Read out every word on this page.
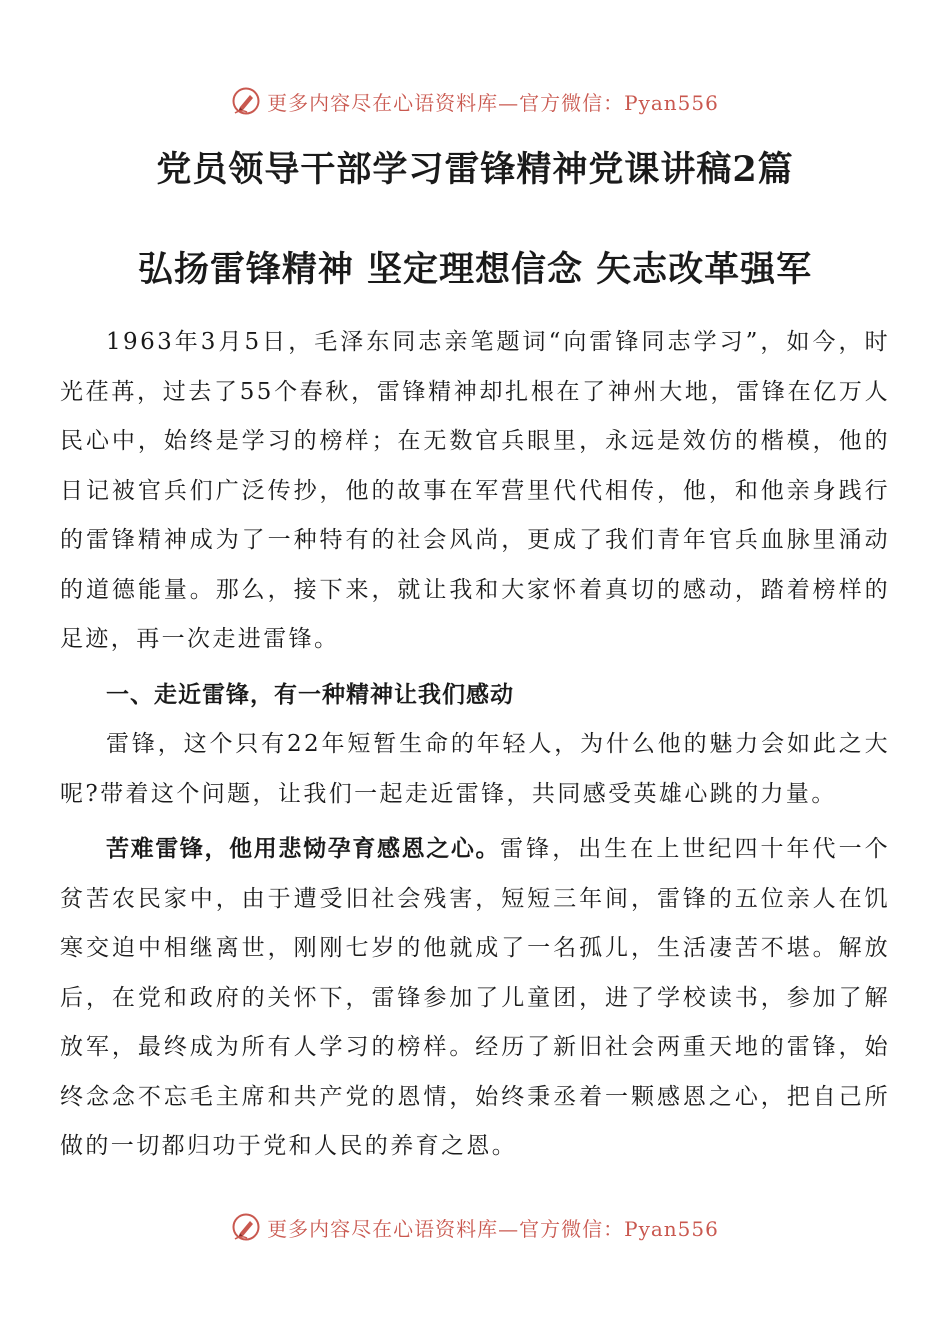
更多内容尽在心语资料库—官方微信：Pyan556
党员领导干部学习雷锋精神党课讲稿2篇
弘扬雷锋精神 坚定理想信念 矢志改革强军

1963年3月5日，毛泽东同志亲笔题词“向雷锋同志学习”，如今，时光荏苒，过去了55个春秋，雷锋精神却扎根在了神州大地，雷锋在亿万人民心中，始终是学习的榜样；在无数官兵眼里，永远是效仿的楷模，他的日记被官兵们广泛传抄，他的故事在军营里代代相传，他，和他亲身践行的雷锋精神成为了一种特有的社会风尚，更成了我们青年官兵血脉里涌动的道德能量。那么，接下来，就让我和大家怀着真切的感动，踏着榜样的足迹，再一次走进雷锋。

一、走近雷锋，有一种精神让我们感动

雷锋，这个只有22年短暂生命的年轻人，为什么他的魅力会如此之大呢?带着这个问题，让我们一起走近雷锋，共同感受英雄心跳的力量。

苦难雷锋，他用悲恸孕育感恩之心。雷锋，出生在上世纪四十年代一个贫苦农民家中，由于遭受旧社会残害，短短三年间，雷锋的五位亲人在饥寒交迫中相继离世，刚刚七岁的他就成了一名孤儿，生活凄苦不堪。解放后，在党和政府的关怀下，雷锋参加了儿童团，进了学校读书，参加了解放军，最终成为所有人学习的榜样。经历了新旧社会两重天地的雷锋，始终念念不忘毛主席和共产党的恩情，始终秉丞着一颗感恩之心，把自己所做的一切都归功于党和人民的养育之恩。

更多内容尽在心语资料库—官方微信：Pyan556
